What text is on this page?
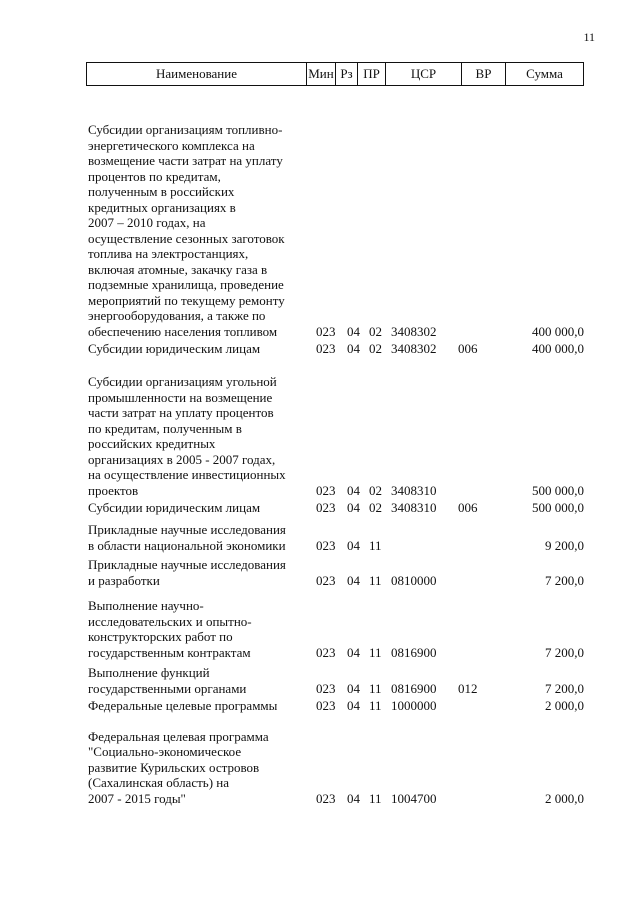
11
Наименование	Мин Рз ПР	ЦСР	ВР	Сумма
Субсидии организациям топливно-
энергетического комплекса на
возмещение части затрат на уплату
процентов по кредитам,
полученным в российских
кредитных организациях в
2007 – 2010 годах, на
осуществление сезонных заготовок
топлива на электростанциях,
включая атомные, закачку газа в
подземные хранилища, проведение
мероприятий по текущему ремонту
энергооборудования, а также по
обеспечению населения топливом	023 04 02 3408302	400 000,0
Субсидии юридическим лицам	023 04 02 3408302 006	400 000,0
Субсидии организациям угольной
промышленности на возмещение
части затрат на уплату процентов
по кредитам, полученным в
российских кредитных
организациях в 2005 - 2007 годах,
на осуществление инвестиционных
проектов	023 04 02 3408310	500 000,0
Субсидии юридическим лицам	023 04 02 3408310 006	500 000,0
Прикладные научные исследования
в области национальной экономики	023 04 11	9 200,0
Прикладные научные исследования
и разработки	023 04 11 0810000	7 200,0
Выполнение научно-
исследовательских и опытно-
конструкторских работ по
государственным контрактам	023 04 11 0816900	7 200,0
Выполнение функций
государственными органами	023 04 11 0816900 012	7 200,0
Федеральные целевые программы	023 04 11 1000000	2 000,0
Федеральная целевая программа
"Социально-экономическое
развитие Курильских островов
(Сахалинская область) на
2007 - 2015 годы"	023 04 11 1004700	2 000,0
